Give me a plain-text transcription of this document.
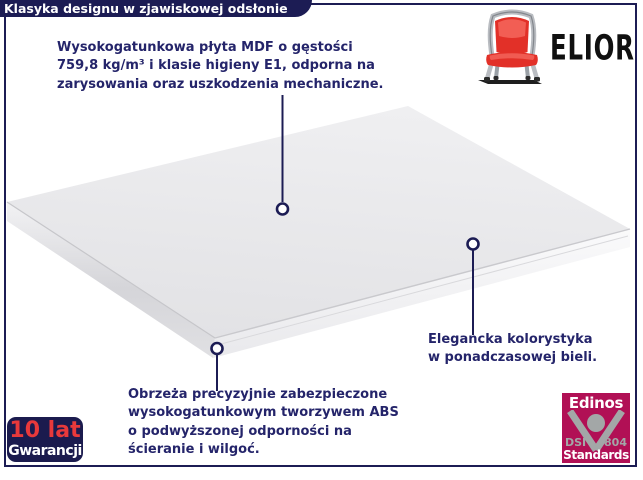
Klasyka designu w zjawiskowej odsłonie
ELIOR
Wysokogatunkowa płyta MDF o gęstości
759,8 kg/m³ i klasie higieny E1, odporna na
zarysowania oraz uszkodzenia mechaniczne.
Elegancka kolorystyka
w ponadczasowej bieli.
Obrzeża precyzyjnie zabezpieczone
wysokogatunkowym tworzywem ABS
o podwyższonej odporności na
ścieranie i wilgoć.
10 lat
Gwarancji
Edinos
DSI 804
Standards
